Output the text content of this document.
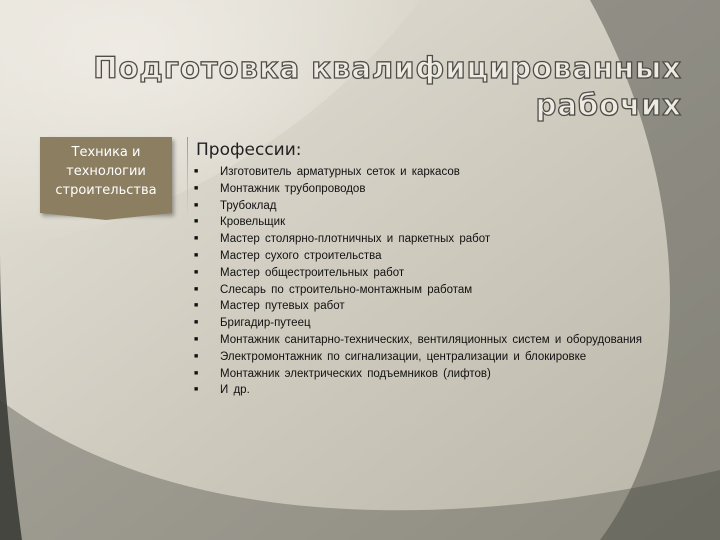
Подготовка квалифицированных рабочих
Техника и
технологии
строительства
Профессии:
■	Изготовитель арматурных сеток и каркасов
■	Монтажник трубопроводов
■	Трубоклад
■	Кровельщик
■	Мастер столярно-плотничных и паркетных работ
■	Мастер сухого строительства
■	Мастер общестроительных работ
■	Слесарь по строительно-монтажным работам
■	Мастер путевых работ
■	Бригадир-путеец
■	Монтажник санитарно-технических, вентиляционных систем и оборудования
■	Электромонтажник по сигнализации, централизации и блокировке
■	Монтажник электрических подъемников (лифтов)
■	И др.
